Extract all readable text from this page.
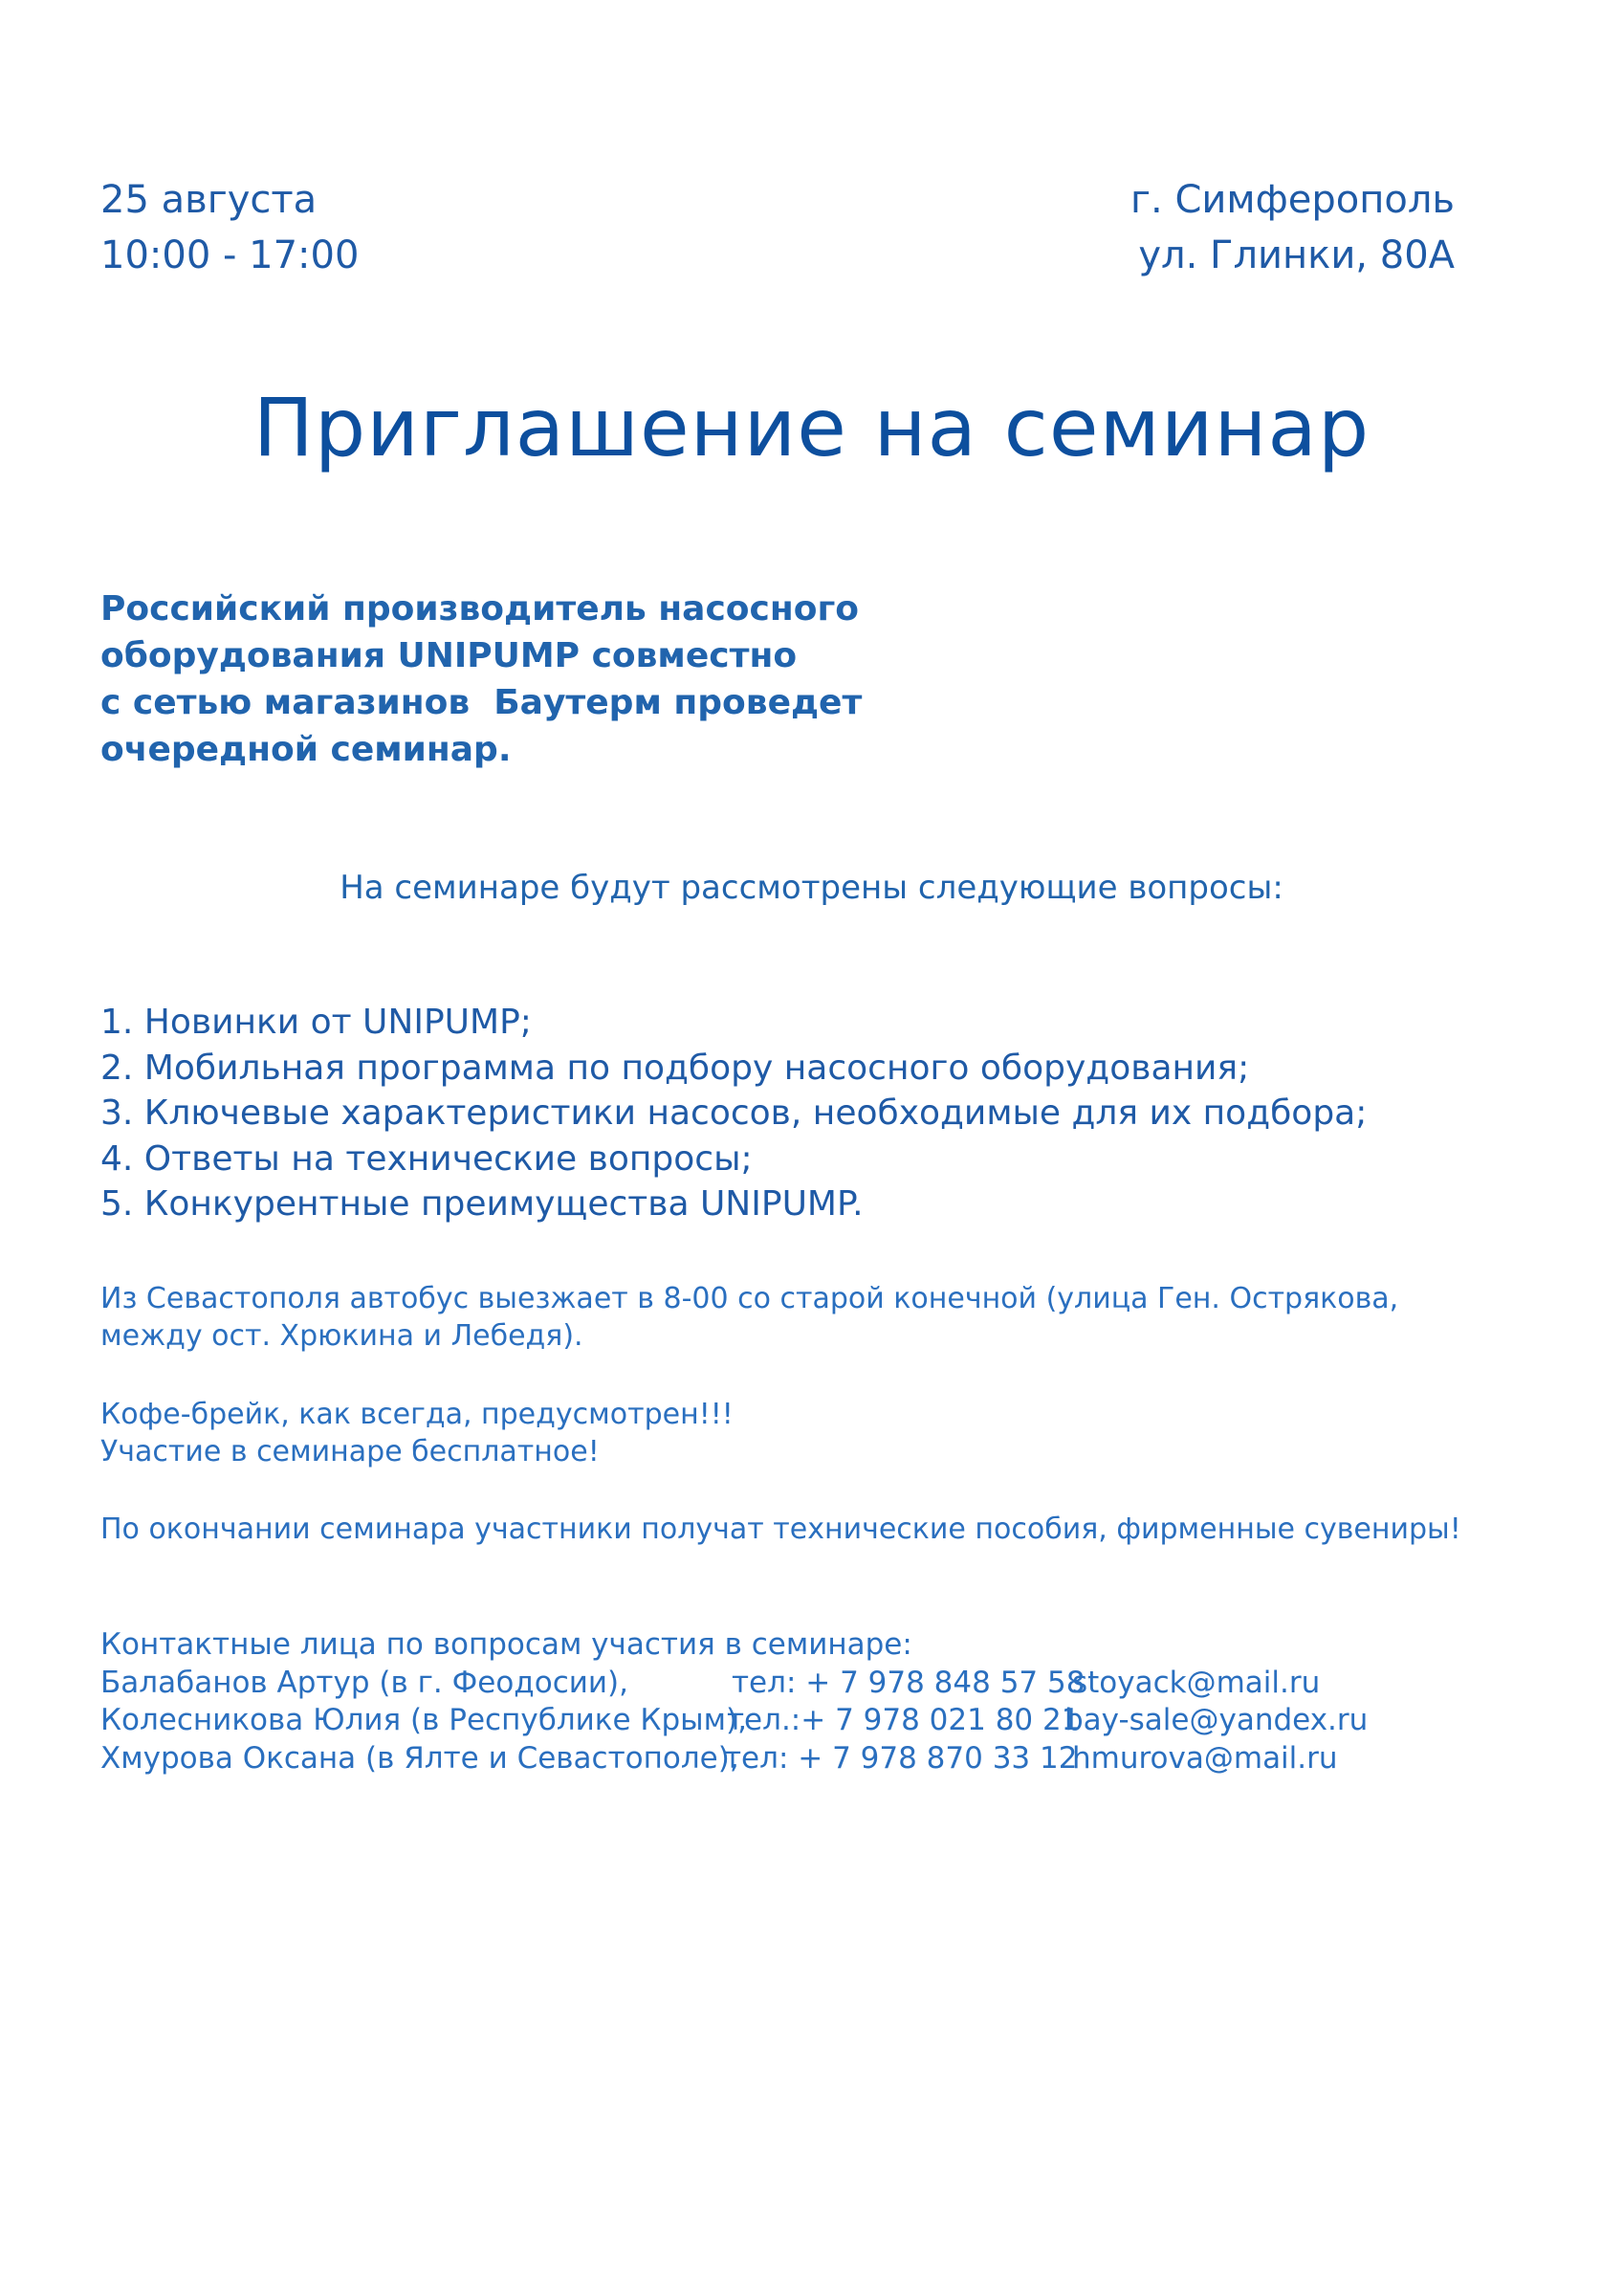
25 августа
10:00 - 17:00
г. Симферополь
ул. Глинки, 80А
Приглашение на семинар
Российский производитель насосного
оборудования UNIPUMP совместно
с сетью магазинов  Баутерм проведет
очередной семинар.
На семинаре будут рассмотрены следующие вопросы:
1. Новинки от UNIPUMP;
2. Мобильная программа по подбору насосного оборудования;
3. Ключевые характеристики насосов, необходимые для их подбора;
4. Ответы на технические вопросы;
5. Конкурентные преимущества UNIPUMP.
Из Севастополя автобус выезжает в 8-00 со старой конечной (улица Ген. Острякова,
между ост. Хрюкина и Лебедя).
Кофе-брейк, как всегда, предусмотрен!!!
Участие в семинаре бесплатное!
По окончании семинара участники получат технические пособия, фирменные сувениры!
Контактные лица по вопросам участия в семинаре:
Балабанов Артур (в г. Феодосии),	тел: + 7 978 848 57 58
stoyack@mail.ru
Колесникова Юлия (в Республике Крым),
тел.:+ 7 978 021 80 21
bay-sale@yandex.ru
Хмурова Оксана (в Ялте и Севастополе),
тел: + 7 978 870 33 12
hmurova@mail.ru
